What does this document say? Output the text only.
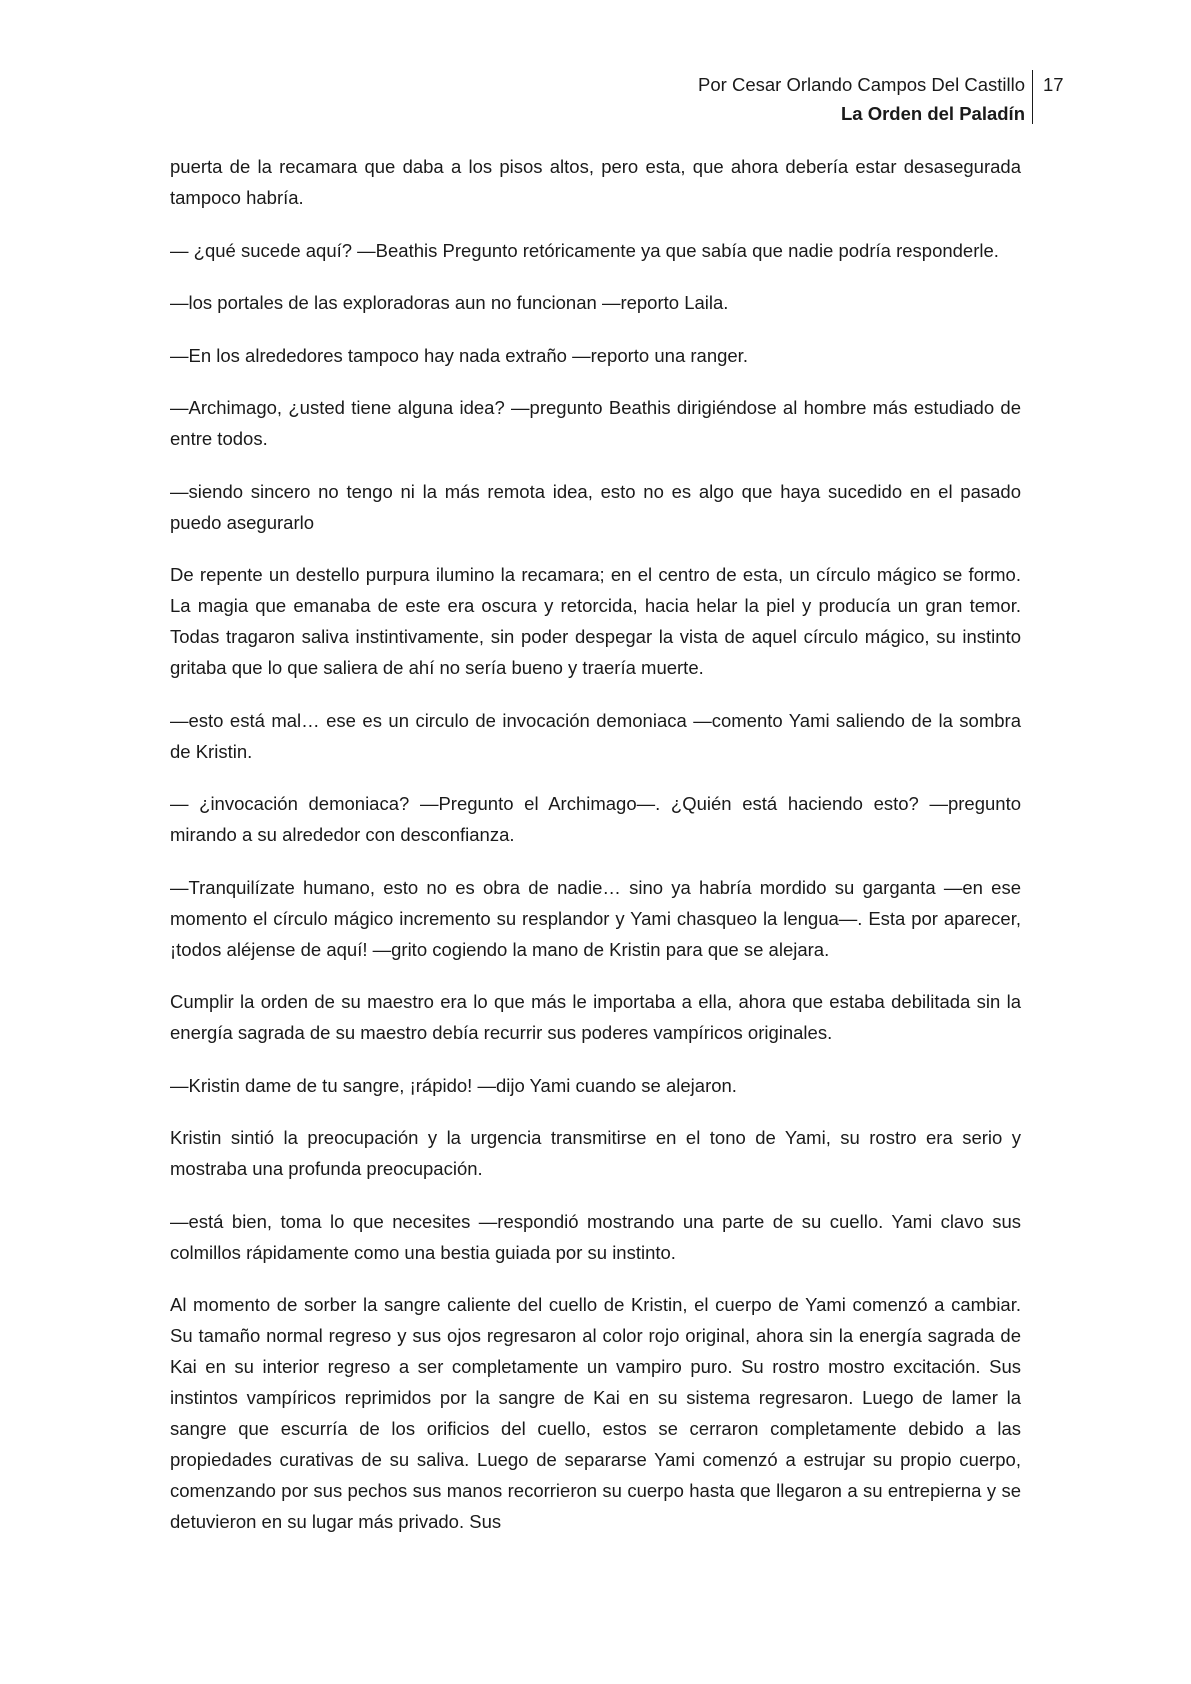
Por Cesar Orlando Campos Del Castillo
La Orden del Paladín
17

puerta de la recamara que daba a los pisos altos, pero esta, que ahora debería estar desasegurada tampoco habría.

— ¿qué sucede aquí? —Beathis Pregunto retóricamente ya que sabía que nadie podría responderle.

—los portales de las exploradoras aun no funcionan —reporto Laila.

—En los alrededores tampoco hay nada extraño —reporto una ranger.

—Archimago, ¿usted tiene alguna idea? —pregunto Beathis dirigiéndose al hombre más estudiado de entre todos.

—siendo sincero no tengo ni la más remota idea, esto no es algo que haya sucedido en el pasado puedo asegurarlo

De repente un destello purpura ilumino la recamara; en el centro de esta, un círculo mágico se formo. La magia que emanaba de este era oscura y retorcida, hacia helar la piel y producía un gran temor. Todas tragaron saliva instintivamente, sin poder despegar la vista de aquel círculo mágico, su instinto gritaba que lo que saliera de ahí no sería bueno y traería muerte.

—esto está mal… ese es un circulo de invocación demoniaca —comento Yami saliendo de la sombra de Kristin.

— ¿invocación demoniaca? —Pregunto el Archimago—. ¿Quién está haciendo esto? —pregunto mirando a su alrededor con desconfianza.

—Tranquilízate humano, esto no es obra de nadie… sino ya habría mordido su garganta —en ese momento el círculo mágico incremento su resplandor y Yami chasqueo la lengua—. Esta por aparecer, ¡todos aléjense de aquí! —grito cogiendo la mano de Kristin para que se alejara.

Cumplir la orden de su maestro era lo que más le importaba a ella, ahora que estaba debilitada sin la energía sagrada de su maestro debía recurrir sus poderes vampíricos originales.

—Kristin dame de tu sangre, ¡rápido! —dijo Yami cuando se alejaron.

Kristin sintió la preocupación y la urgencia transmitirse en el tono de Yami, su rostro era serio y mostraba una profunda preocupación.

—está bien, toma lo que necesites —respondió mostrando una parte de su cuello. Yami clavo sus colmillos rápidamente como una bestia guiada por su instinto.

Al momento de sorber la sangre caliente del cuello de Kristin, el cuerpo de Yami comenzó a cambiar. Su tamaño normal regreso y sus ojos regresaron al color rojo original, ahora sin la energía sagrada de Kai en su interior regreso a ser completamente un vampiro puro. Su rostro mostro excitación. Sus instintos vampíricos reprimidos por la sangre de Kai en su sistema regresaron. Luego de lamer la sangre que escurría de los orificios del cuello, estos se cerraron completamente debido a las propiedades curativas de su saliva. Luego de separarse Yami comenzó a estrujar su propio cuerpo, comenzando por sus pechos sus manos recorrieron su cuerpo hasta que llegaron a su entrepierna y se detuvieron en su lugar más privado. Sus
